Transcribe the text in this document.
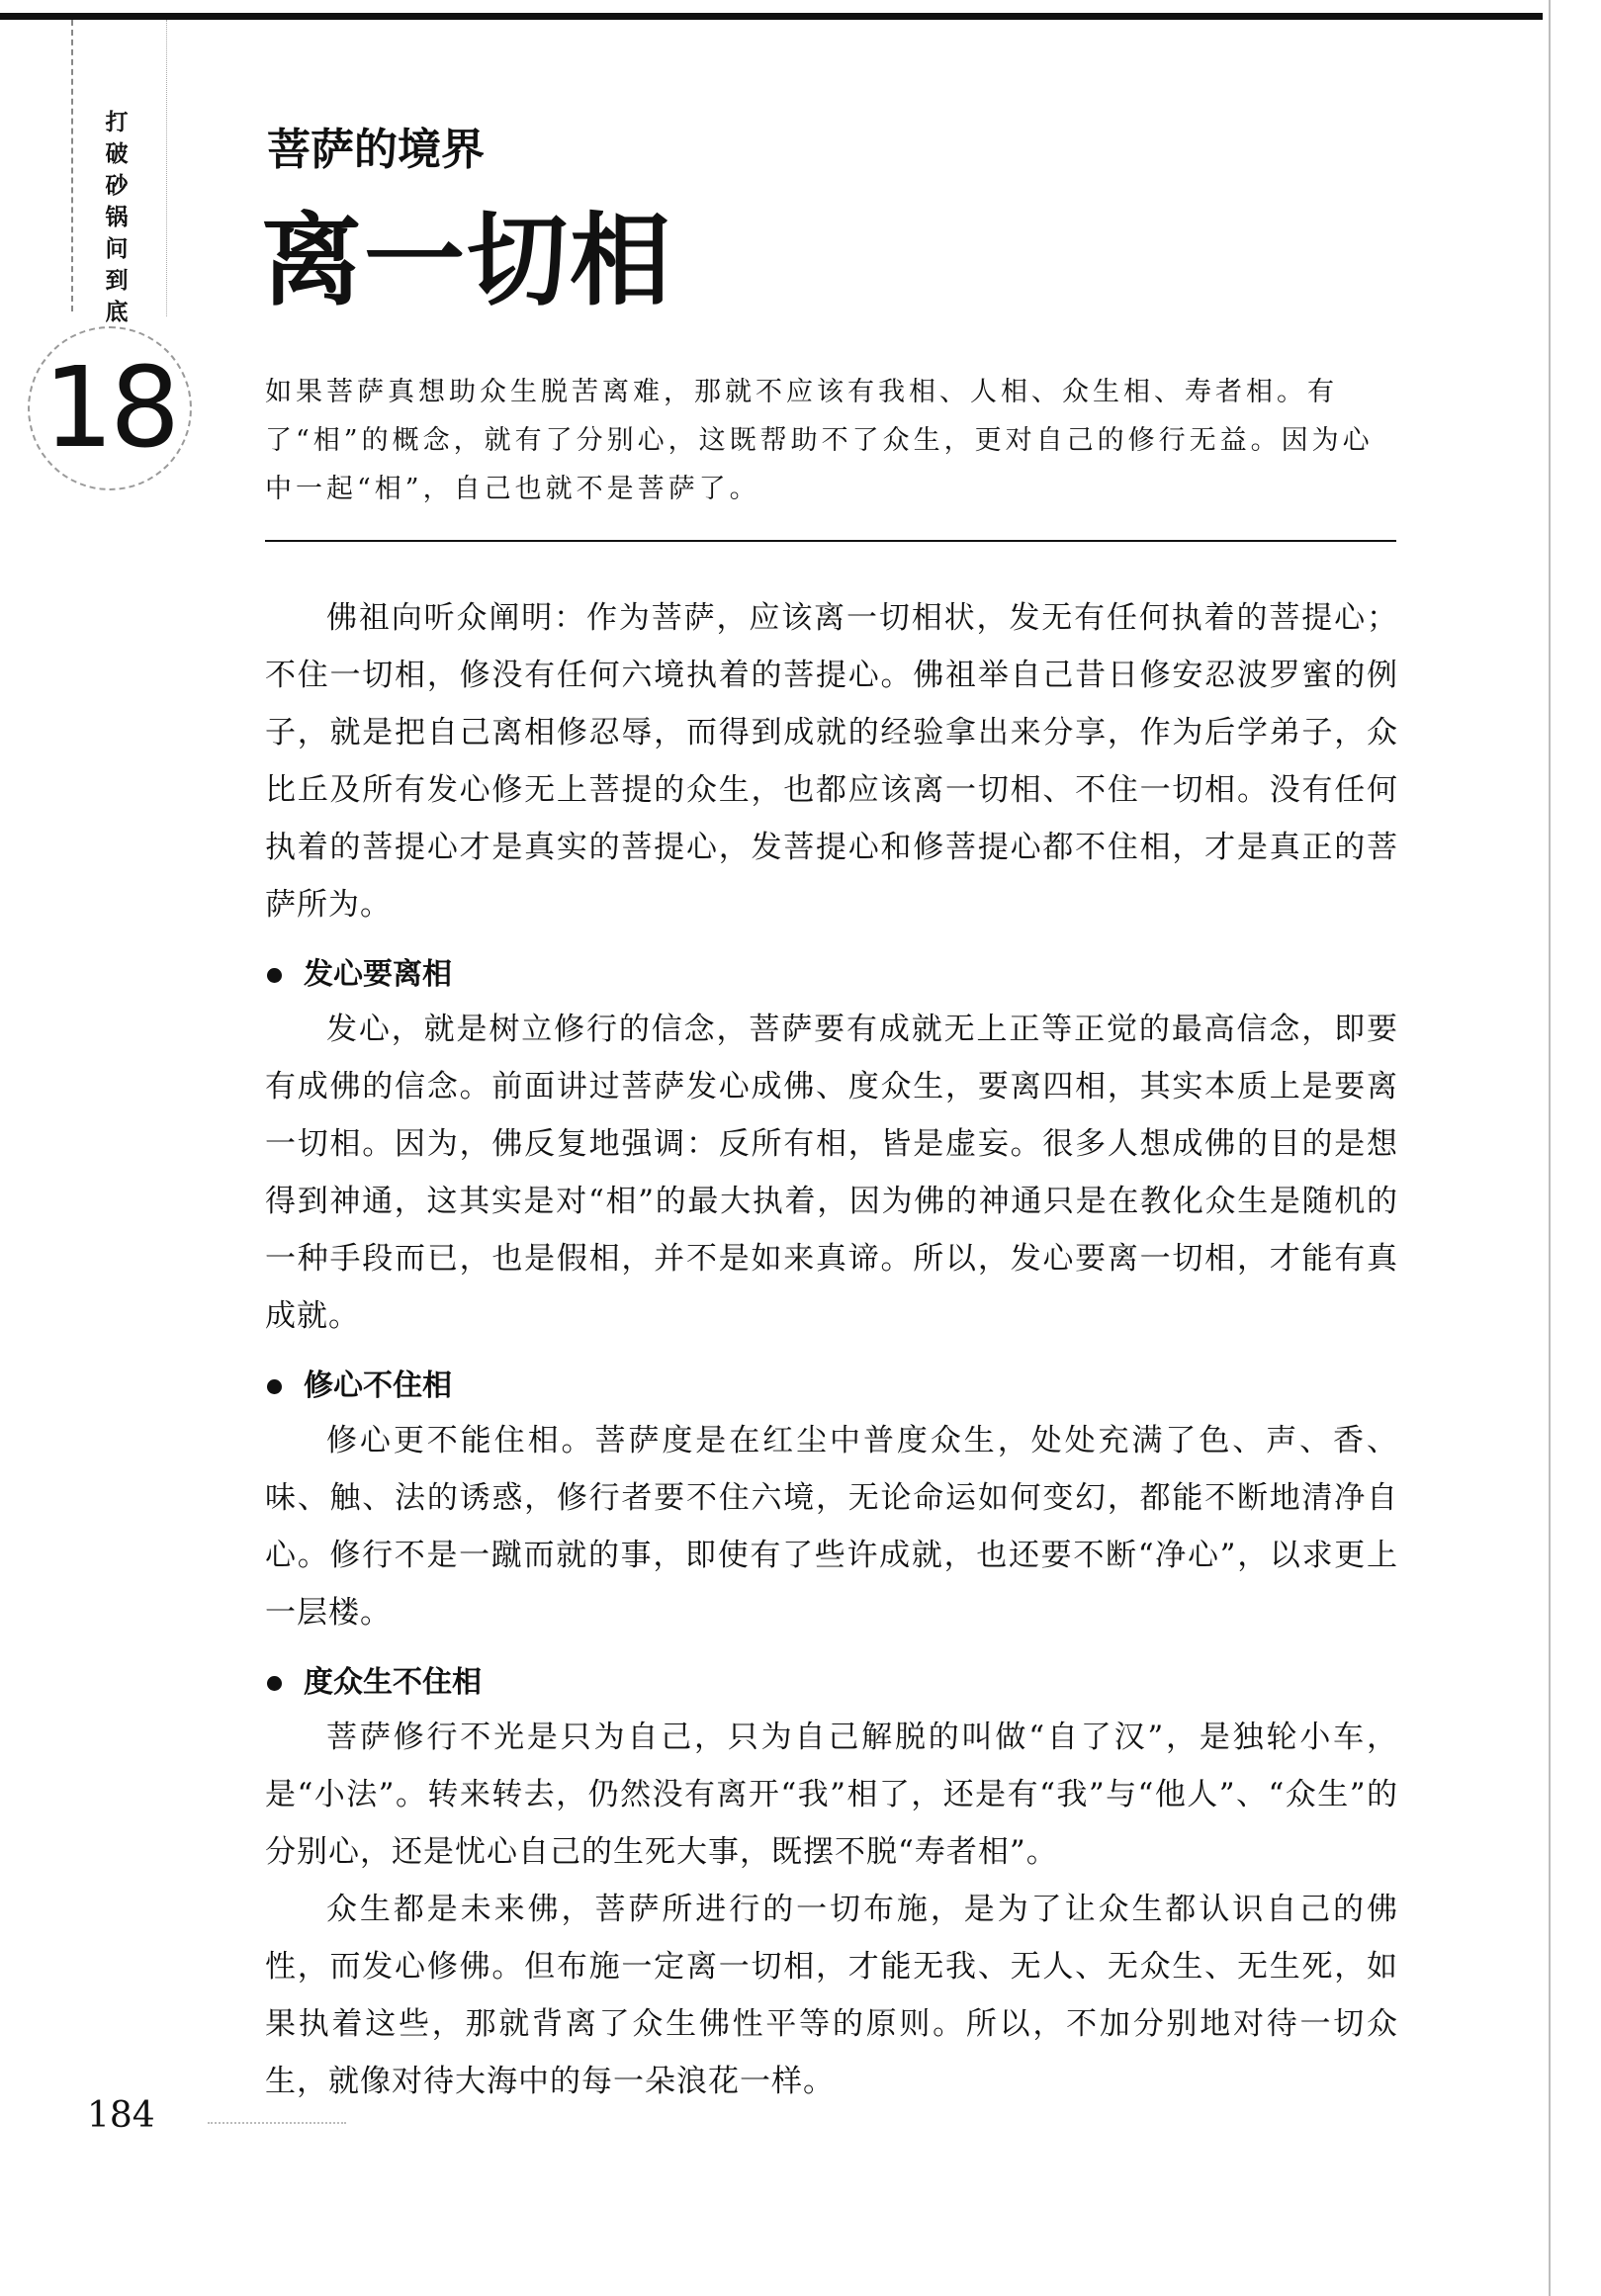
打破砂锅问到底
18
菩萨的境界
离一切相
如果菩萨真想助众生脱苦离难，那就不应该有我相、人相、众生相、寿者相。有了“相”的概念，就有了分别心，这既帮助不了众生，更对自己的修行无益。因为心中一起“相”，自己也就不是菩萨了。

佛祖向听众阐明：作为菩萨，应该离一切相状，发无有任何执着的菩提心；不住一切相，修没有任何六境执着的菩提心。佛祖举自己昔日修安忍波罗蜜的例子，就是把自己离相修忍辱，而得到成就的经验拿出来分享，作为后学弟子，众比丘及所有发心修无上菩提的众生，也都应该离一切相、不住一切相。没有任何执着的菩提心才是真实的菩提心，发菩提心和修菩提心都不住相，才是真正的菩萨所为。

发心要离相

发心，就是树立修行的信念，菩萨要有成就无上正等正觉的最高信念，即要有成佛的信念。前面讲过菩萨发心成佛、度众生，要离四相，其实本质上是要离一切相。因为，佛反复地强调：反所有相，皆是虚妄。很多人想成佛的目的是想得到神通，这其实是对“相”的最大执着，因为佛的神通只是在教化众生是随机的一种手段而已，也是假相，并不是如来真谛。所以，发心要离一切相，才能有真成就。

修心不住相

修心更不能住相。菩萨度是在红尘中普度众生，处处充满了色、声、香、味、触、法的诱惑，修行者要不住六境，无论命运如何变幻，都能不断地清净自心。修行不是一蹴而就的事，即使有了些许成就，也还要不断“净心”，以求更上一层楼。

度众生不住相

菩萨修行不光是只为自己，只为自己解脱的叫做“自了汉”，是独轮小车，是“小法”。转来转去，仍然没有离开“我”相了，还是有“我”与“他人”、“众生”的分别心，还是忧心自己的生死大事，既摆不脱“寿者相”。

众生都是未来佛，菩萨所进行的一切布施，是为了让众生都认识自己的佛性，而发心修佛。但布施一定离一切相，才能无我、无人、无众生、无生死，如果执着这些，那就背离了众生佛性平等的原则。所以，不加分别地对待一切众生，就像对待大海中的每一朵浪花一样。

184
